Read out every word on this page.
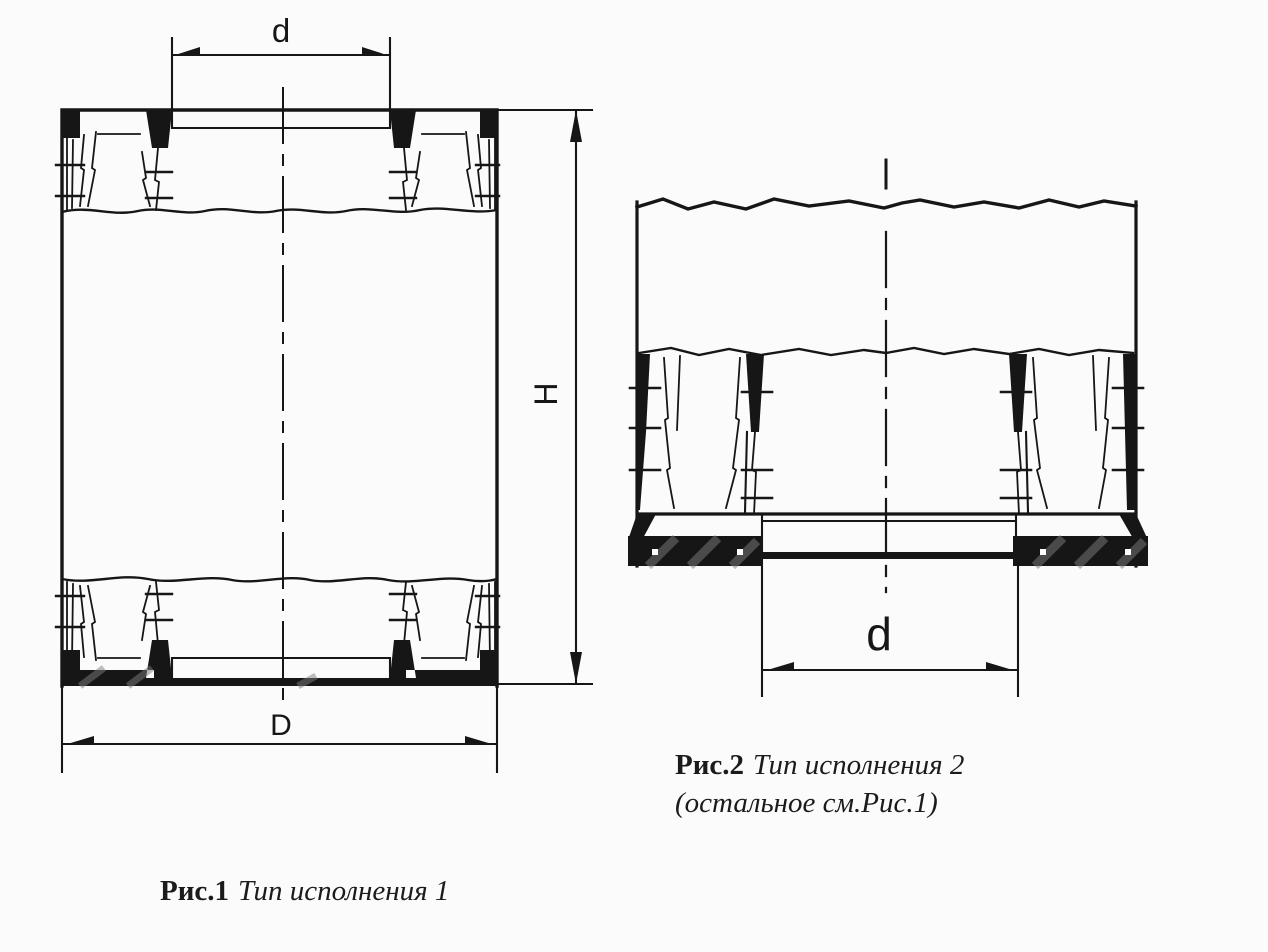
d
D
H
d
Рис.1 Тип исполнения 1
Рис.2 Тип исполнения 2
(остальное см.Рис.1)
